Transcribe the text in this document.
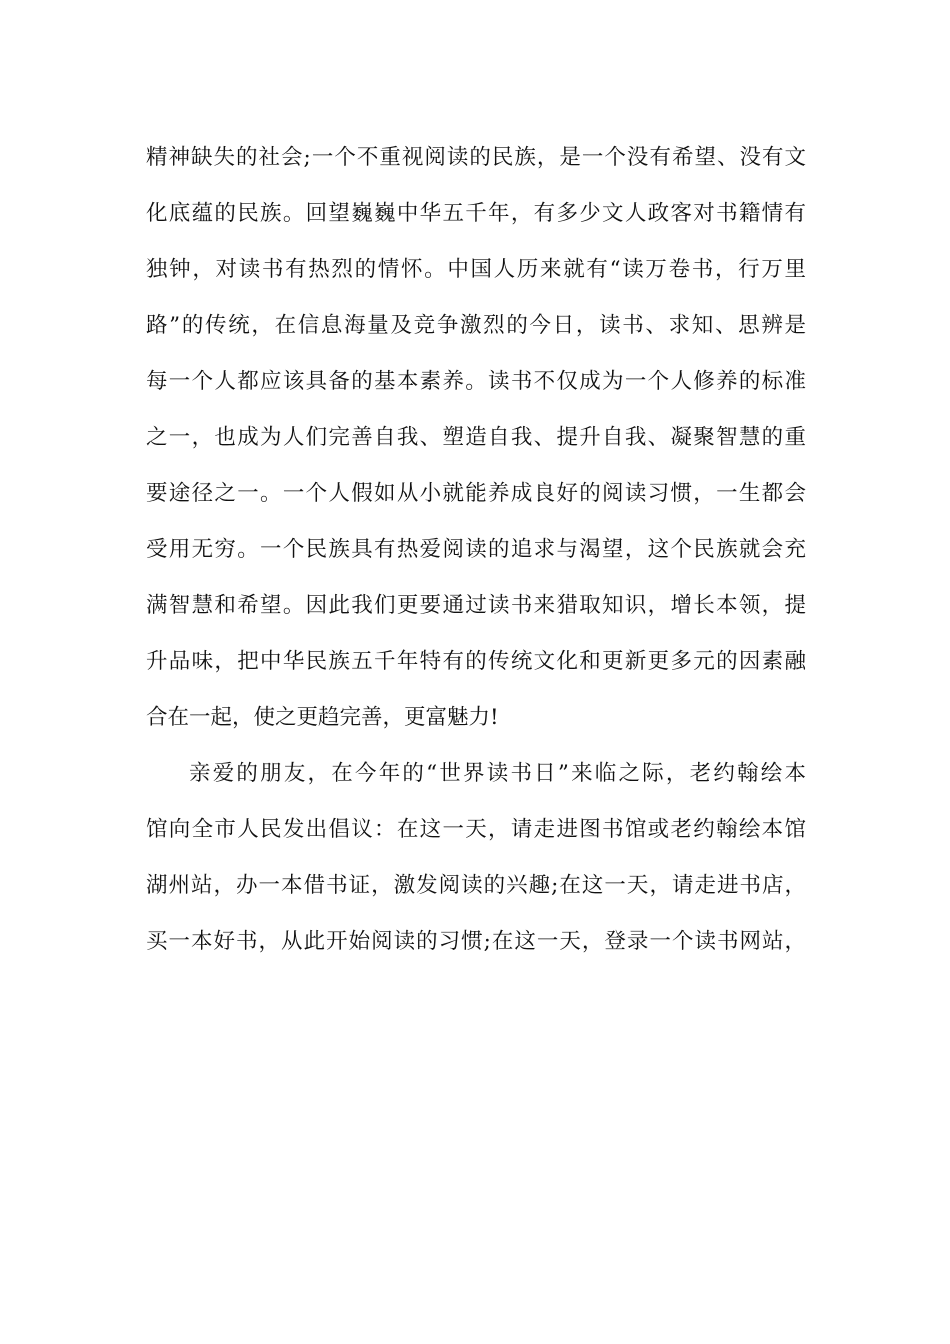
精神缺失的社会;一个不重视阅读的民族，是一个没有希望、没有文
化底蕴的民族。回望巍巍中华五千年，有多少文人政客对书籍情有
独钟，对读书有热烈的情怀。中国人历来就有“读万卷书，行万里
路”的传统，在信息海量及竞争激烈的今日，读书、求知、思辨是
每一个人都应该具备的基本素养。读书不仅成为一个人修养的标准
之一，也成为人们完善自我、塑造自我、提升自我、凝聚智慧的重
要途径之一。一个人假如从小就能养成良好的阅读习惯，一生都会
受用无穷。一个民族具有热爱阅读的追求与渴望，这个民族就会充
满智慧和希望。因此我们更要通过读书来猎取知识，增长本领，提
升品味，把中华民族五千年特有的传统文化和更新更多元的因素融
合在一起，使之更趋完善，更富魅力!
亲爱的朋友，在今年的“世界读书日”来临之际，老约翰绘本
馆向全市人民发出倡议：在这一天，请走进图书馆或老约翰绘本馆
湖州站，办一本借书证，激发阅读的兴趣;在这一天，请走进书店，
买一本好书，从此开始阅读的习惯;在这一天，登录一个读书网站，
